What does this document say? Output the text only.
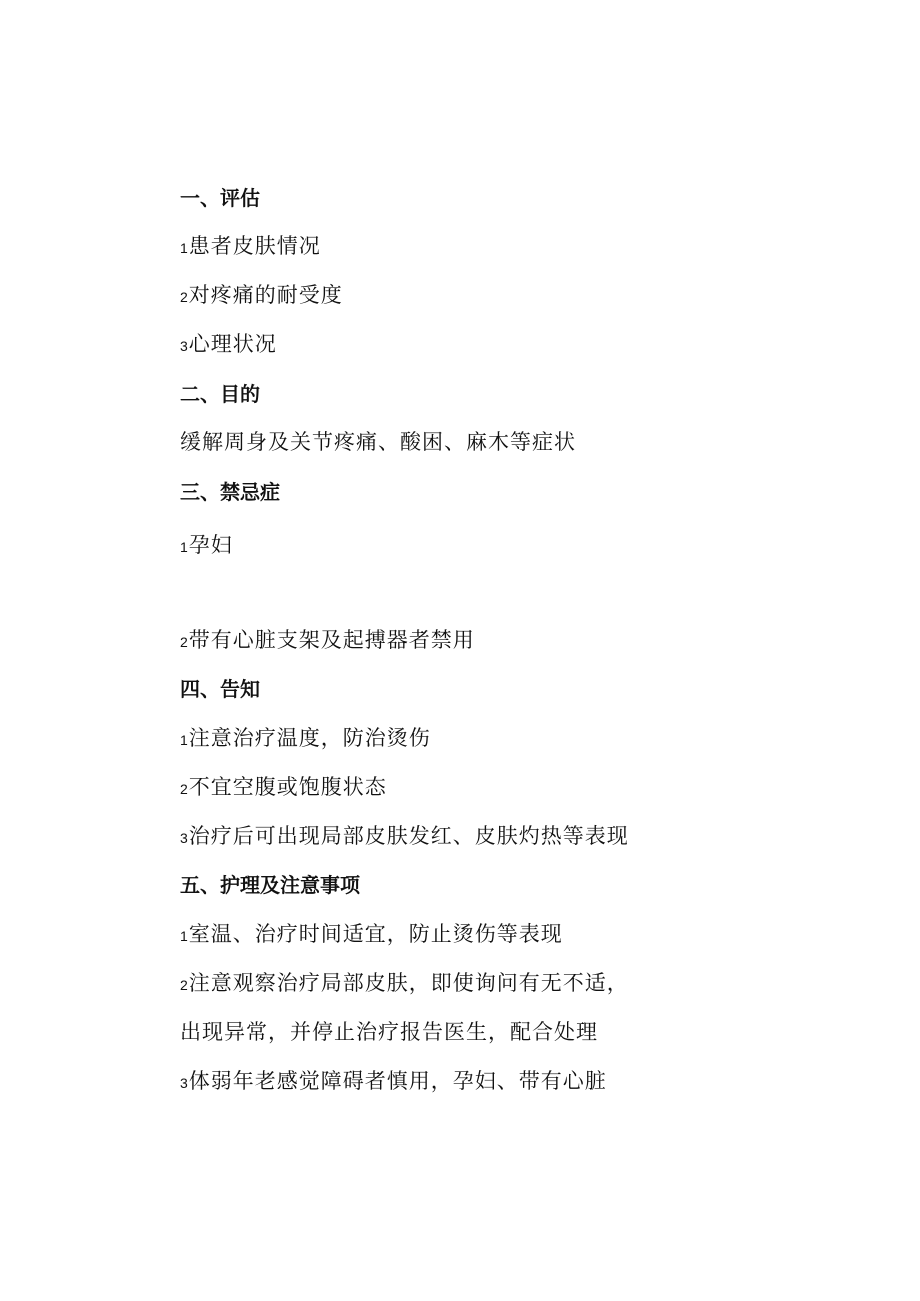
一、评估
1患者皮肤情况
2对疼痛的耐受度
3心理状况
二、目的
缓解周身及关节疼痛、酸困、麻木等症状
三、禁忌症
1孕妇
2带有心脏支架及起搏器者禁用
四、告知
1注意治疗温度，防治烫伤
2不宜空腹或饱腹状态
3治疗后可出现局部皮肤发红、皮肤灼热等表现
五、护理及注意事项
1室温、治疗时间适宜，防止烫伤等表现
2注意观察治疗局部皮肤，即使询问有无不适，
出现异常，并停止治疗报告医生，配合处理
3体弱年老感觉障碍者慎用，孕妇、带有心脏
